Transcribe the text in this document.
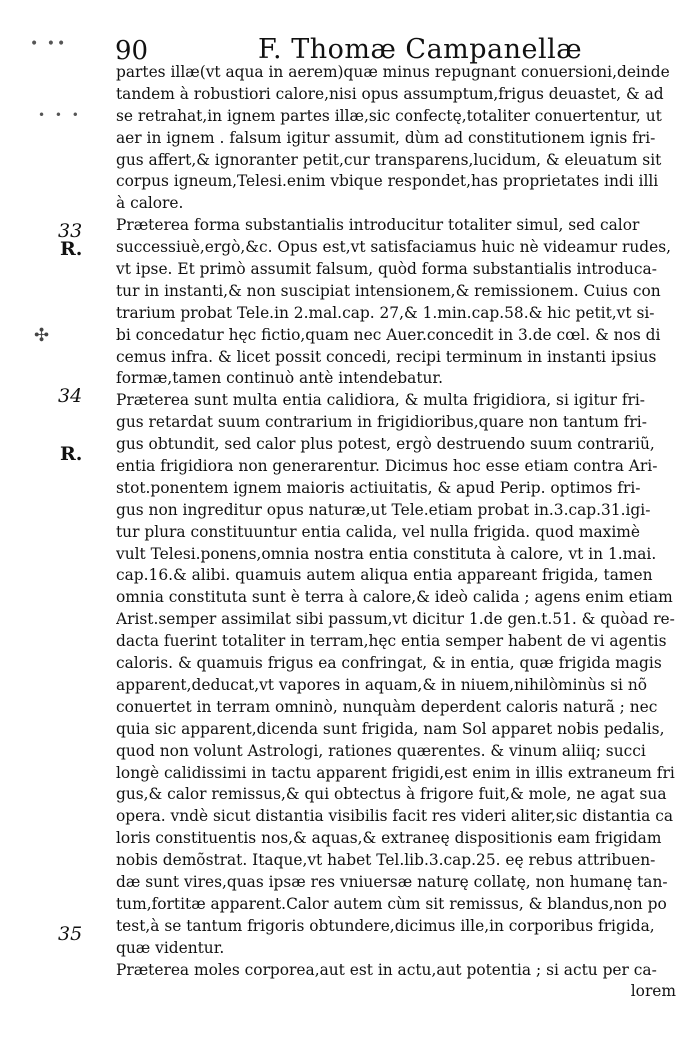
• •• 90	F. Thomæ Campanellæ
• • •
33
R.
✣
34
R.
35
partes illæ(vt aqua in aerem)quæ minus repugnant conuersioni,deinde
tandem à robustiori calore,nisi opus assumptum,frigus deuastet, & ad
se retrahat,in ignem partes illæ,sic confectę,totaliter conuertentur, ut
aer in ignem . falsum igitur assumit, dùm ad constitutionem ignis fri-
gus affert,& ignoranter petit,cur transparens,lucidum, & eleuatum sit
corpus igneum,Telesi.enim vbique respondet,has proprietates indi illi
à calore.
Præterea forma substantialis introducitur totaliter simul, sed calor
successiuè,ergò,&c. Opus est,vt satisfaciamus huic nè videamur rudes,
vt ipse. Et primò assumit falsum, quòd forma substantialis introduca-
tur in instanti,& non suscipiat intensionem,& remissionem. Cuius con
trarium probat Tele.in 2.mal.cap. 27,& 1.min.cap.58.& hic petit,vt si-
bi concedatur hęc fictio,quam nec Auer.concedit in 3.de cœl. & nos di
cemus infra. & licet possit concedi, recipi terminum in instanti ipsius
formæ,tamen continuò antè intendebatur.
Præterea sunt multa entia calidiora, & multa frigidiora, si igitur fri-
gus retardat suum contrarium in frigidioribus,quare non tantum fri-
gus obtundit, sed calor plus potest, ergò destruendo suum contrariũ,
entia frigidiora non generarentur. Dicimus hoc esse etiam contra Ari-
stot.ponentem ignem maioris actiuitatis, & apud Perip. optimos fri-
gus non ingreditur opus naturæ,ut Tele.etiam probat in.3.cap.31.igi-
tur plura constituuntur entia calida, vel nulla frigida. quod maximè
vult Telesi.ponens,omnia nostra entia constituta à calore, vt in 1.mai.
cap.16.& alibi. quamuis autem aliqua entia appareant frigida, tamen
omnia constituta sunt è terra à calore,& ideò calida ; agens enim etiam
Arist.semper assimilat sibi passum,vt dicitur 1.de gen.t.51. & quòad re-
dacta fuerint totaliter in terram,hęc entia semper habent de vi agentis
caloris. & quamuis frigus ea confringat, & in entia, quæ frigida magis
apparent,deducat,vt vapores in aquam,& in niuem,nihilòminùs si nõ
conuertet in terram omninò, nunquàm deperdent caloris naturã ; nec
quia sic apparent,dicenda sunt frigida, nam Sol apparet nobis pedalis,
quod non volunt Astrologi, rationes quærentes. & vinum aliiq; succi
longè calidissimi in tactu apparent frigidi,est enim in illis extraneum fri
gus,& calor remissus,& qui obtectus à frigore fuit,& mole, ne agat sua
opera. vndè sicut distantia visibilis facit res videri aliter,sic distantia ca
loris constituentis nos,& aquas,& extraneę dispositionis eam frigidam
nobis demõstrat. Itaque,vt habet Tel.lib.3.cap.25. eę rebus attribuen-
dæ sunt vires,quas ipsæ res vniuersæ naturę collatę, non humanę tan-
tum,fortitæ apparent.Calor autem cùm sit remissus, & blandus,non po
test,à se tantum frigoris obtundere,dicimus ille,in corporibus frigida,
quæ videntur.
Præterea moles corporea,aut est in actu,aut potentia ; si actu per ca-
lorem
